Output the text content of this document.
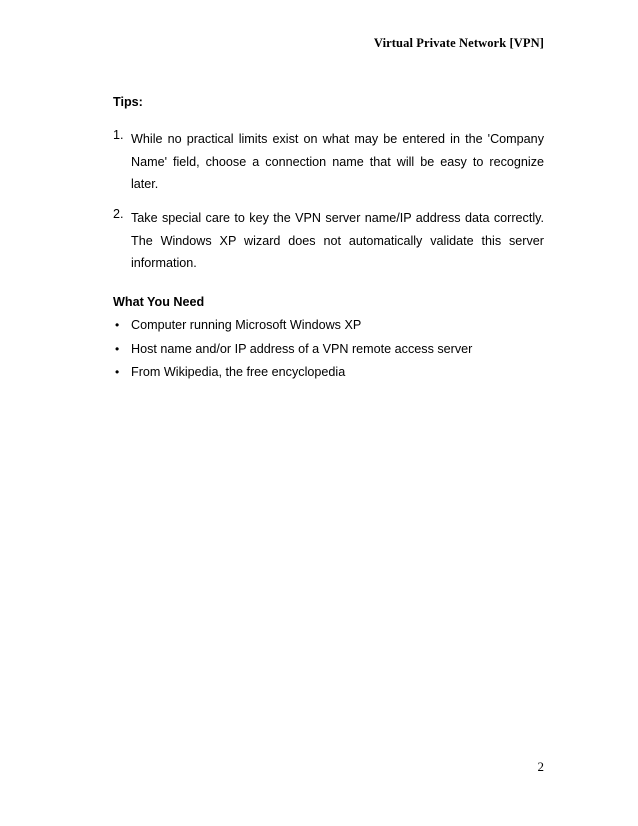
Virtual Private Network [VPN]

Tips:

1. While no practical limits exist on what may be entered in the 'Company Name' field, choose a connection name that will be easy to recognize later.
2. Take special care to key the VPN server name/IP address data correctly. The Windows XP wizard does not automatically validate this server information.

What You Need

• Computer running Microsoft Windows XP
• Host name and/or IP address of a VPN remote access server
• From Wikipedia, the free encyclopedia
2
